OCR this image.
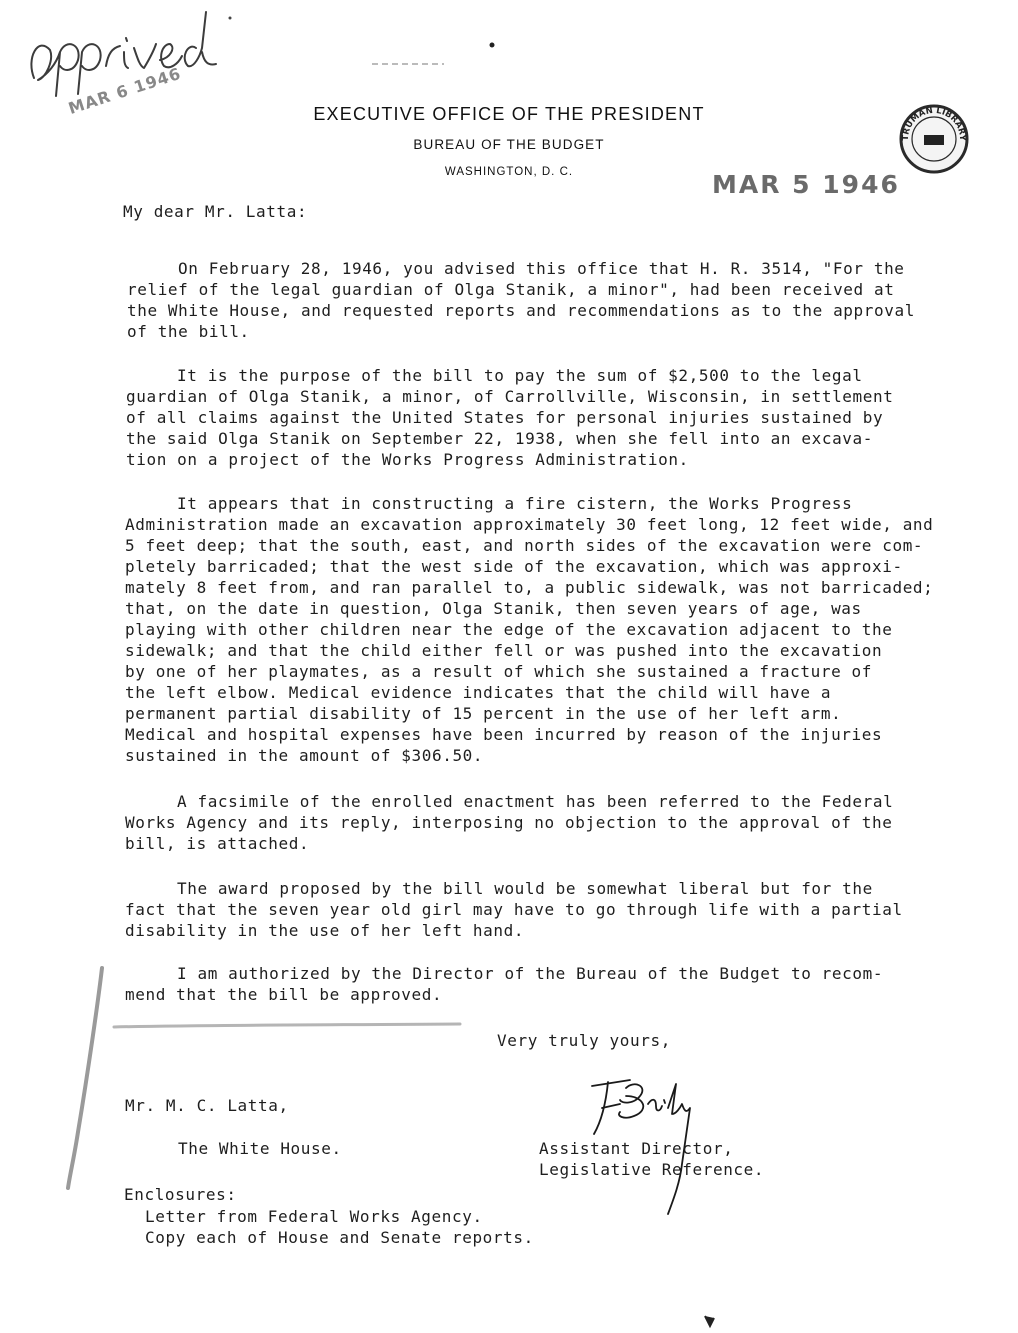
MAR 6 1946	EXECUTIVE OFFICE OF THE PRESIDENT
BUREAU OF THE BUDGET
WASHINGTON, D. C.
TRUMAN LIBRARY
MAR 5 1946
My dear Mr. Latta:
On February 28, 1946, you advised this office that H. R. 3514, "For the
relief of the legal guardian of Olga Stanik, a minor", had been received at
the White House, and requested reports and recommendations as to the approval
of the bill.
It is the purpose of the bill to pay the sum of $2,500 to the legal
guardian of Olga Stanik, a minor, of Carrollville, Wisconsin, in settlement
of all claims against the United States for personal injuries sustained by
the said Olga Stanik on September 22, 1938, when she fell into an excava-
tion on a project of the Works Progress Administration.
It appears that in constructing a fire cistern, the Works Progress
Administration made an excavation approximately 30 feet long, 12 feet wide, and
5 feet deep; that the south, east, and north sides of the excavation were com-
pletely barricaded; that the west side of the excavation, which was approxi-
mately 8 feet from, and ran parallel to, a public sidewalk, was not barricaded;
that, on the date in question, Olga Stanik, then seven years of age, was
playing with other children near the edge of the excavation adjacent to the
sidewalk; and that the child either fell or was pushed into the excavation
by one of her playmates, as a result of which she sustained a fracture of
the left elbow. Medical evidence indicates that the child will have a
permanent partial disability of 15 percent in the use of her left arm.
Medical and hospital expenses have been incurred by reason of the injuries
sustained in the amount of $306.50.
A facsimile of the enrolled enactment has been referred to the Federal
Works Agency and its reply, interposing no objection to the approval of the
bill, is attached.
The award proposed by the bill would be somewhat liberal but for the
fact that the seven year old girl may have to go through life with a partial
disability in the use of her left hand.
I am authorized by the Director of the Bureau of the Budget to recom-
mend that the bill be approved.
Very truly yours,
Mr. M. C. Latta,
The White House.	Assistant Director,
Legislative Reference.
Enclosures:
Letter from Federal Works Agency.
Copy each of House and Senate reports.
